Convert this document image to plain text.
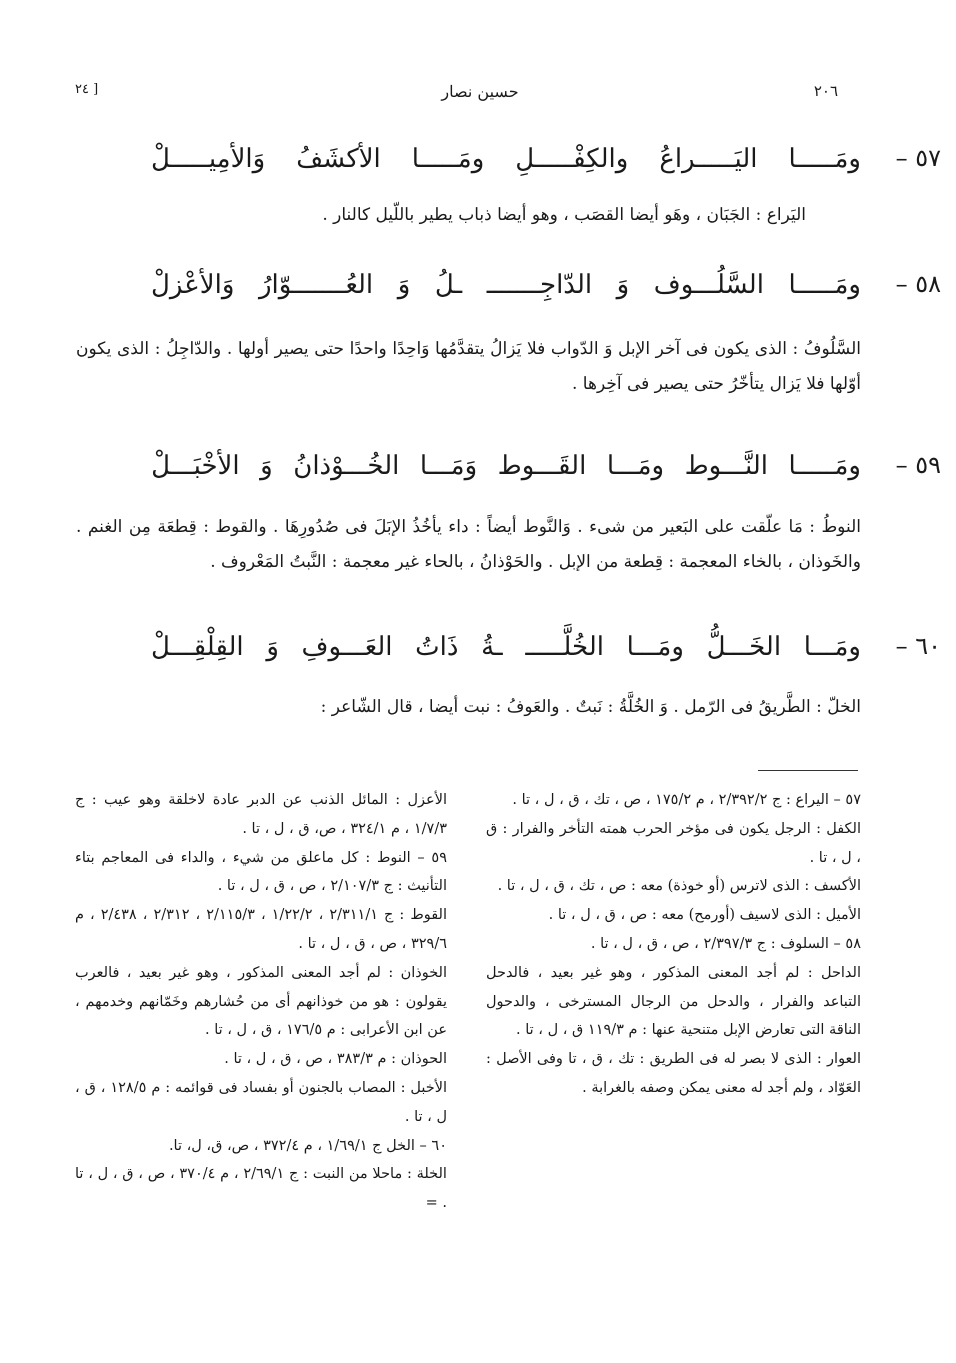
٢٠٦
حسين نصار
[ ٢٤
٥٧ –
ومَـــــا
اليَـــــراعُ
والكِفْـــــلِ
ومَـــــا
الأكشَفُ
وَالأمِيـــــلْ
اليَراع : الجَبَان ، وهَو أيضا القصَب ، وهو أيضا ذباب يطير باللّيل كالنار .
٥٨ –
ومَـــــا
السَّلُـــوف
وَ
الدّاجِـــــــ
ـلُ
وَ
العُـــــــوّارُ
وَالأعْزلْ
السَّلُوفُ : الذى يكون فى آخر الإبل وَ الدّواب فلا يَزالُ يتقدَّمُها وَاحِدًا واحدًا حتى يصير أولها . والدّاجِلُ : الذى يكون أوّلها فلا يَزال يتأخّرُ حتى يصير فى آخِرها .
٥٩ –
ومَـــــا
النَّـــوط
ومَـــا
القَـــوط
وَمَـــا
الخُـــوْذانُ
وَ
الأخْبَـــلْ
النوطُ : مَا علّقت على البَعير من شىء . وَالنَّوط أيضاً : داء يأخُذُ الإبَلَ فى صُدُورِهَا . والقوط : قِطعَة مِن الغنم . والخَوذان ، بالخاء المعجمة : قِطعة من الإبل . والحَوْذانُ ، بالحاء غير معجمة : النَّبتُ المَعْروف .
٦٠ –
ومَـــا
الخَـــلُّ
ومَـــا
الخُلَّـــــ
ـةُ
ذَاتُ
العَـــوفِ
وَ
القِلْقِـــلْ
الخلّ : الطَّريقُ فى الرّمل . وَ الخُلَّةُ : نَبتٌ . والعَوفُ : نبت أيضا ، قال الشّاعر :

٥٧ – اليراع : ج ٢/٣٩٢/٢ ، م ١٧٥/٢ ، ص ، تك ، ق ، ل ، تا .

الكفل : الرجل يكون فى مؤخر الحرب همته التأخر والفرار : ق ، ل ، تا .

الأكسف : الذى لاترس (أو خوذة) معه : ص ، تك ، ق ، ل ، تا .

الأميل : الذى لاسيف (أورمح) معه : ص ، ق ، ل ، تا .

٥٨ – السلوف : ج ٢/٣٩٧/٣ ، ص ، ق ، ل ، تا .

الداحل : لم أجد المعنى المذكور ، وهو غير بعيد ، فالدحل التباعد والفرار ، والدحل من الرجال المسترخى ، والدحول الناقة التى تعارض الإبل متنحية عنها : م ١١٩/٣ ق ، ل ، تا .

العوار : الذى لا بصر له فى الطريق : تك ، ق ، تا وفى الأصل : العَوّاد ، ولم أجد له معنى يمكن وصفه بالغرابة .

الأعزل : المائل الذنب عن الدبر عادة لاخلقة وهو عيب : ج ١/٧/٣ ، م ٣٢٤/١ ، ص، ق ، ل ، تا .

٥٩ – النوط : كل ماعلق من شيء ، والداء فى المعاجم بتاء التأنيث : ج ٢/١٠٧/٣ ، ص ، ق ، ل ، تا .

القوط : ج ٢/٣١١/١ ، ١/٢٢/٢ ، ٢/١١٥/٣ ، ٢/٣١٢ ، ٢/٤٣٨ ، م ٣٢٩/٦ ، ص ، ق ، ل ، تا .

الخوذان : لم أجد المعنى المذكور ، وهو غير بعيد ، فالعرب يقولون : هو من خوذانهم أى من حُشارهم وخَمّانهم وخدمهم ، عن ابن الأعرابى : م ١٧٦/٥ ، ق ، ل ، تا .

الحوذان : م ٣٨٣/٣ ، ص ، ق ، ل ، تا .

الأخبل : المصاب بالجنون أو بفساد فى قوائمه : م ١٢٨/٥ ، ق ، ل ، تا .

٦٠ – الخل ج ١/٦٩/١ ، م ٣٧٢/٤ ، ص، ق، ل، تا.

الخلة : ماحلا من النبت : ج ٢/٦٩/١ ، م ٣٧٠/٤ ، ص ، ق ، ل ، تا . =
